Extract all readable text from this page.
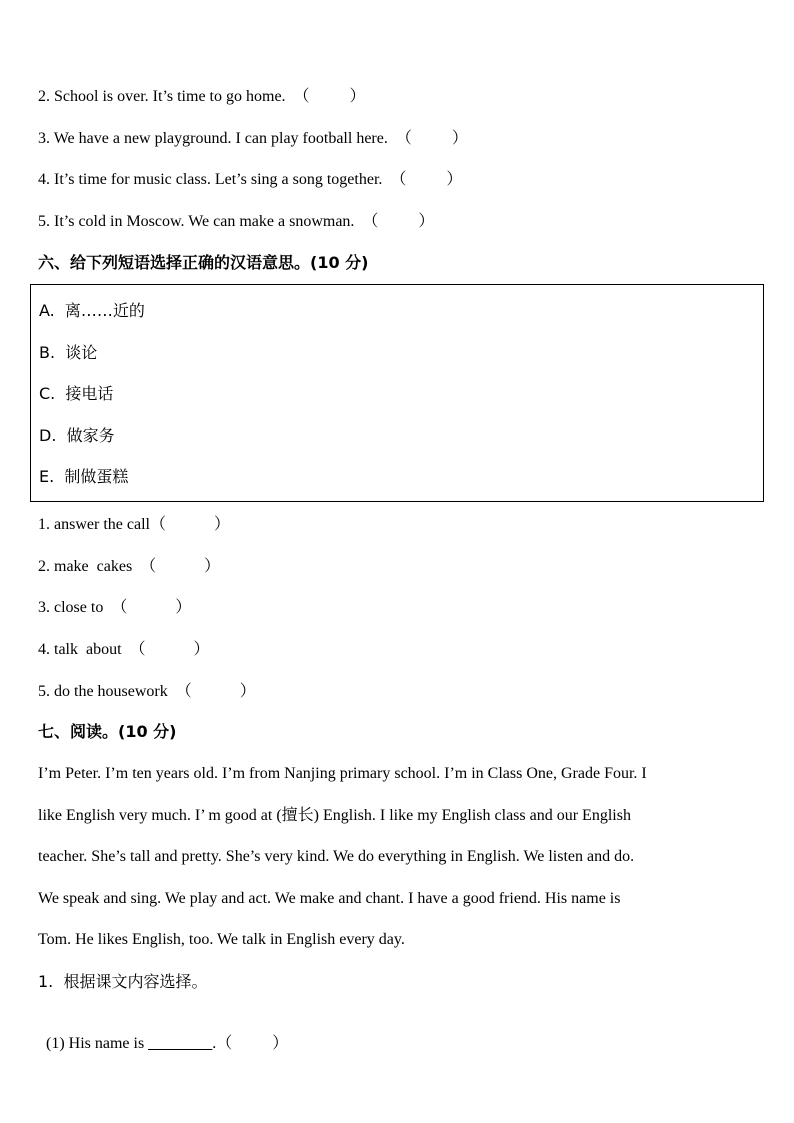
2. School is over. It’s time to go home.  （          ）
3. We have a new playground. I can play football here.  （          ）
4. It’s time for music class. Let’s sing a song together.  （          ）
5. It’s cold in Moscow. We can make a snowman.  （          ）
六、给下列短语选择正确的汉语意思。(10 分)
A.  离……近的
B.  谈论
C.  接电话
D.  做家务
E.  制做蛋糕
1. answer the call（            ）
2. make  cakes  （            ）
3. close to  （            ）
4. talk  about  （            ）
5. do the housework  （            ）
七、阅读。(10 分)
I’m Peter. I’m ten years old. I’m from Nanjing primary school. I’m in Class One, Grade Four. I
like English very much. I’ m good at (擅长) English. I like my English class and our English
teacher. She’s tall and pretty. She’s very kind. We do everything in English. We listen and do.
We speak and sing. We play and act. We make and chant. I have a good friend. His name is
Tom. He likes English, too. We talk in English every day.
1.  根据课文内容选择。

(1) His name is ________.（          ）
